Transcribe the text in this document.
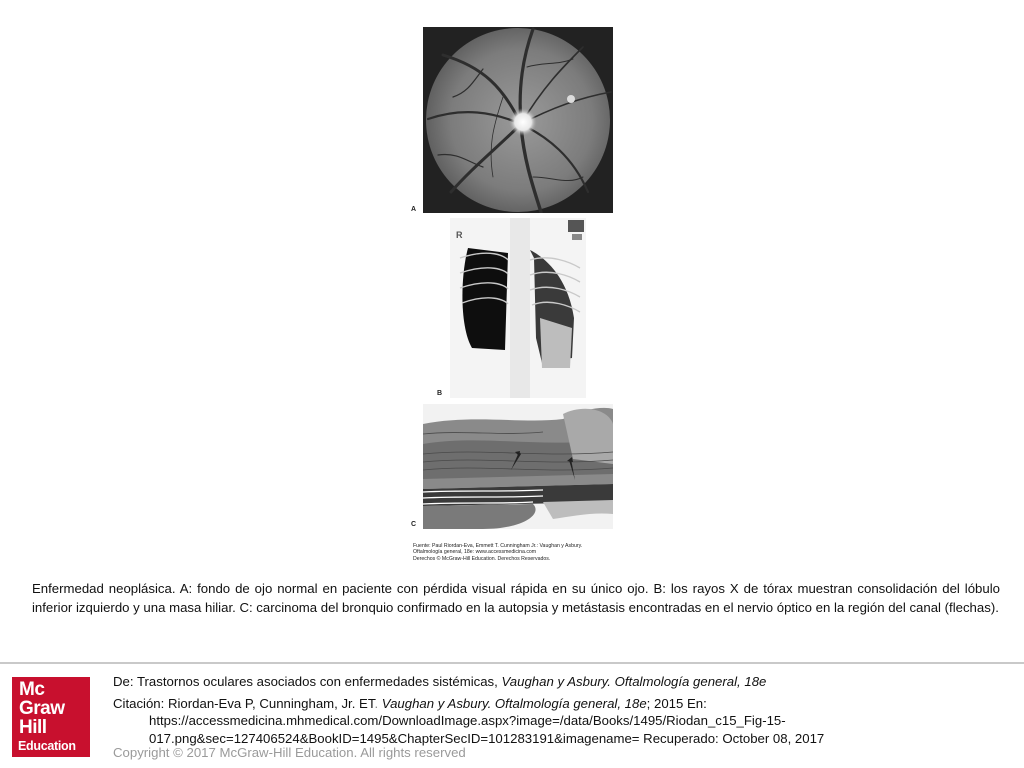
A
R
B
C
Fuente: Paul Riordan-Eva, Emmett T. Cunningham Jr.: Vaughan y Asbury.
Oftalmología general, 18e: www.accessmedicina.com
Derechos © McGraw-Hill Education. Derechos Reservados.
Enfermedad neoplásica. A: fondo de ojo normal en paciente con pérdida visual rápida en su único ojo. B: los rayos X de tórax muestran consolidación del lóbulo inferior izquierdo y una masa hiliar. C: carcinoma del bronquio confirmado en la autopsia y metástasis encontradas en el nervio óptico en la región del canal (flechas).
Mc
Graw
Hill
Education
De: Trastornos oculares asociados con enfermedades sistémicas, Vaughan y Asbury. Oftalmología general, 18e
Citación: Riordan-Eva P, Cunningham, Jr. ET. Vaughan y Asbury. Oftalmología general, 18e; 2015 En:
https://accessmedicina.mhmedical.com/DownloadImage.aspx?image=/data/Books/1495/Riodan_c15_Fig-15-
017.png&sec=127406524&BookID=1495&ChapterSecID=101283191&imagename= Recuperado: October 08, 2017
Copyright © 2017 McGraw-Hill Education. All rights reserved
